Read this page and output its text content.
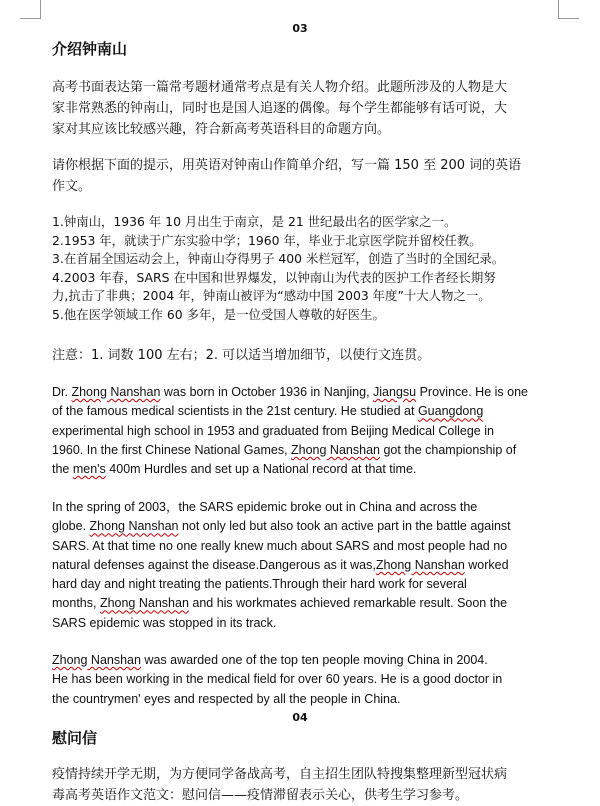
03
介绍钟南山

高考书面表达第一篇常考题材通常考点是有关人物介绍。此题所涉及的人物是大

家非常熟悉的钟南山，同时也是国人追逐的偶像。每个学生都能够有话可说，大

家对其应该比较感兴趣，符合新高考英语科目的命题方向。

请你根据下面的提示，用英语对钟南山作简单介绍，写一篇 150 至 200 词的英语

作文。

1.钟南山，1936 年 10 月出生于南京，是 21 世纪最出名的医学家之一。

2.1953 年，就读于广东实验中学；1960 年，毕业于北京医学院并留校任教。

3.在首届全国运动会上，钟南山夺得男子 400 米栏冠军，创造了当时的全国纪录。

4.2003 年春，SARS 在中国和世界爆发，以钟南山为代表的医护工作者经长期努

力,抗击了非典；2004 年，钟南山被评为“感动中国 2003 年度”十大人物之一。

5.他在医学领域工作 60 多年，是一位受国人尊敬的好医生。

注意：1. 词数 100 左右；2. 可以适当增加细节，以使行文连贯。

Dr. Zhong Nanshan was born in October 1936 in Nanjing, Jiangsu Province. He is one

of the famous medical scientists in the 21st century. He studied at Guangdong

experimental high school in 1953 and graduated from Beijing Medical College in

1960. In the first Chinese National Games, Zhong Nanshan got the championship of

the men's 400m Hurdles and set up a National record at that time.

In the spring of 2003，the SARS epidemic broke out in China and across the

globe. Zhong Nanshan not only led but also took an active part in the battle against

SARS. At that time no one really knew much about SARS and most people had no

natural defenses against the disease.Dangerous as it was,Zhong Nanshan worked

hard day and night treating the patients.Through their hard work for several

months, Zhong Nanshan and his workmates achieved remarkable result. Soon the

SARS epidemic was stopped in its track.

Zhong Nanshan was awarded one of the top ten people moving China in 2004.

He has been working in the medical field for over 60 years. He is a good doctor in

the countrymen' eyes and respected by all the people in China.

04
慰问信

疫情持续开学无期，为方便同学备战高考，自主招生团队特搜集整理新型冠状病

毒高考英语作文范文：慰问信——疫情滞留表示关心，供考生学习参考。
